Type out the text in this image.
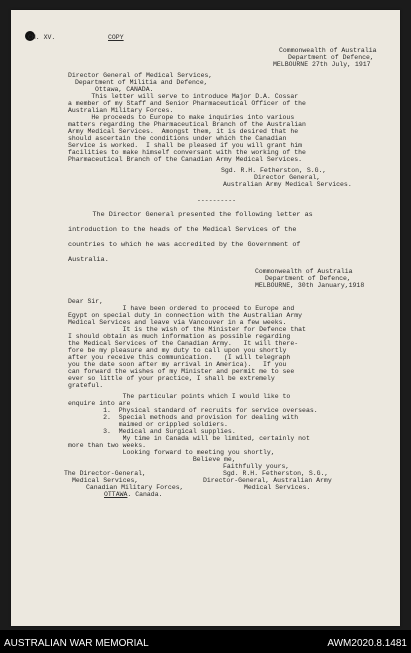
CH. XV.	COPY
Commonwealth of Australia
Department of Defence,
MELBOURNE 27th July, 1917
Director General of Medical Services,
Department of Militia and Defence,
Ottawa, CANADA.
This letter will serve to introduce Major D.A. Cossar
a member of my Staff and Senior Pharmaceutical Officer of the
Australian Military Forces.
He proceeds to Europe to make inquiries into various
matters regarding the Pharmaceutical Branch of the Australian
Army Medical Services.  Amongst them, it is desired that he
should ascertain the conditions under which the Canadian
Service is worked.  I shall be pleased if you will grant him
facilities to make himself conversant with the working of the
Pharmaceutical Branch of the Canadian Army Medical Services.
Sgd. R.H. Fetherston, S.G.,
Director General,
Australian Army Medical Services.
----------
The Director General presented the following letter as
introduction to the heads of the Medical Services of the
countries to which he was accredited by the Government of
Australia.
Commonwealth of Australia
Department of Defence,
MELBOURNE, 30th January,1918
Dear Sir,
I have been ordered to proceed to Europe and
Egypt on special duty in connection with the Australian Army
Medical Services and leave via Vancouver in a few weeks.
It is the wish of the Minister for Defence that
I should obtain as much information as possible regarding
the Medical Services of the Canadian Army.   It will there-
fore be my pleasure and my duty to call upon you shortly
after you receive this communication.   (I will telegraph
you the date soon after my arrival in America).   If you
can forward the wishes of my Minister and permit me to see
ever so little of your practice, I shall be extremely
grateful.
The particular points which I would like to
enquire into are
1.  Physical standard of recruits for service overseas.
2.  Special methods and provision for dealing with
maimed or crippled soldiers.
3.  Medical and Surgical supplies.
My time in Canada will be limited, certainly not
more than two weeks.
Looking forward to meeting you shortly,
Believe me,
Faithfully yours,
Sgd. R.H. Fetherston, S.G.,
Director-General, Australian Army
Medical Services.
The Director-General,
Medical Services,
Canadian Military Forces,
OTTAWA. Canada.
AUSTRALIAN WAR MEMORIAL	AWM2020.8.1481
